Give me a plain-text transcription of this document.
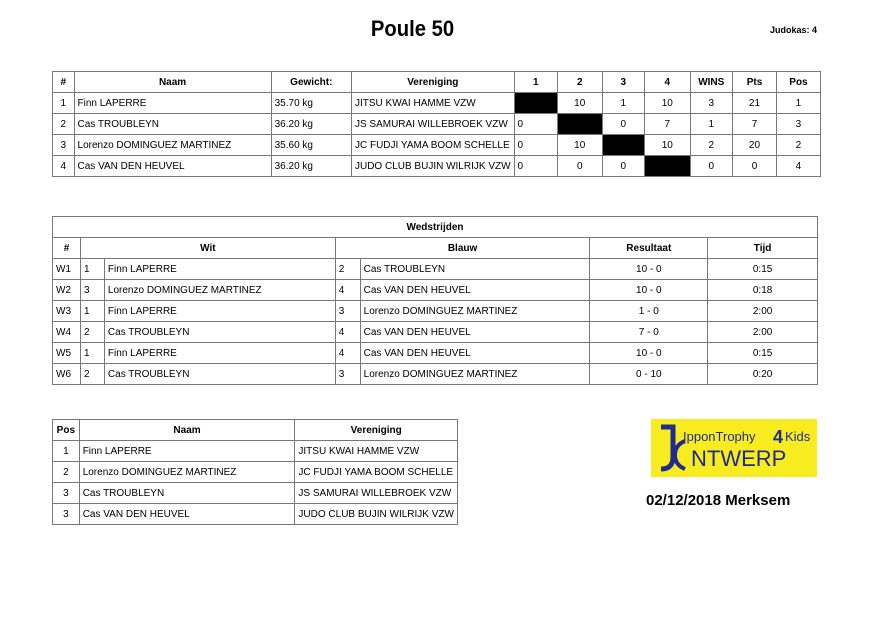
Poule 50	Judokas: 4
#	Naam	Gewicht:	Vereniging	1	2	3	4	WINS	Pts	Pos
1	Finn LAPERRE	35.70 kg	JITSU KWAI HAMME VZW		10	1	10	3	21	1
2	Cas TROUBLEYN	36.20 kg	JS SAMURAI WILLEBROEK VZW	0		0	7	1	7	3
3	Lorenzo DOMINGUEZ MARTINEZ	35.60 kg	JC FUDJI YAMA BOOM SCHELLE	0	10		10	2	20	2
4	Cas VAN DEN HEUVEL	36.20 kg	JUDO CLUB BUJIN WILRIJK VZW	0	0	0		0	0	4
Wedstrijden						
#	Wit		Blauw		Resultaat	Tijd
W1	1	Finn LAPERRE	2	Cas TROUBLEYN	10 - 0	0:15
W2	3	Lorenzo DOMINGUEZ MARTINEZ	4	Cas VAN DEN HEUVEL	10 - 0	0:18
W3	1	Finn LAPERRE	3	Lorenzo DOMINGUEZ MARTINEZ	1 - 0	2:00
W4	2	Cas TROUBLEYN	4	Cas VAN DEN HEUVEL	7 - 0	2:00
W5	1	Finn LAPERRE	4	Cas VAN DEN HEUVEL	10 - 0	0:15
W6	2	Cas TROUBLEYN	3	Lorenzo DOMINGUEZ MARTINEZ	0 - 10	0:20
Pos	Naam	Vereniging
1	Finn LAPERRE	JITSU KWAI HAMME VZW
2	Lorenzo DOMINGUEZ MARTINEZ	JC FUDJI YAMA BOOM SCHELLE
3	Cas TROUBLEYN	JS SAMURAI WILLEBROEK VZW
3	Cas VAN DEN HEUVEL	JUDO CLUB BUJIN WILRIJK VZW
IpponTrophy 4 Kids
NTWERP
02/12/2018 Merksem
